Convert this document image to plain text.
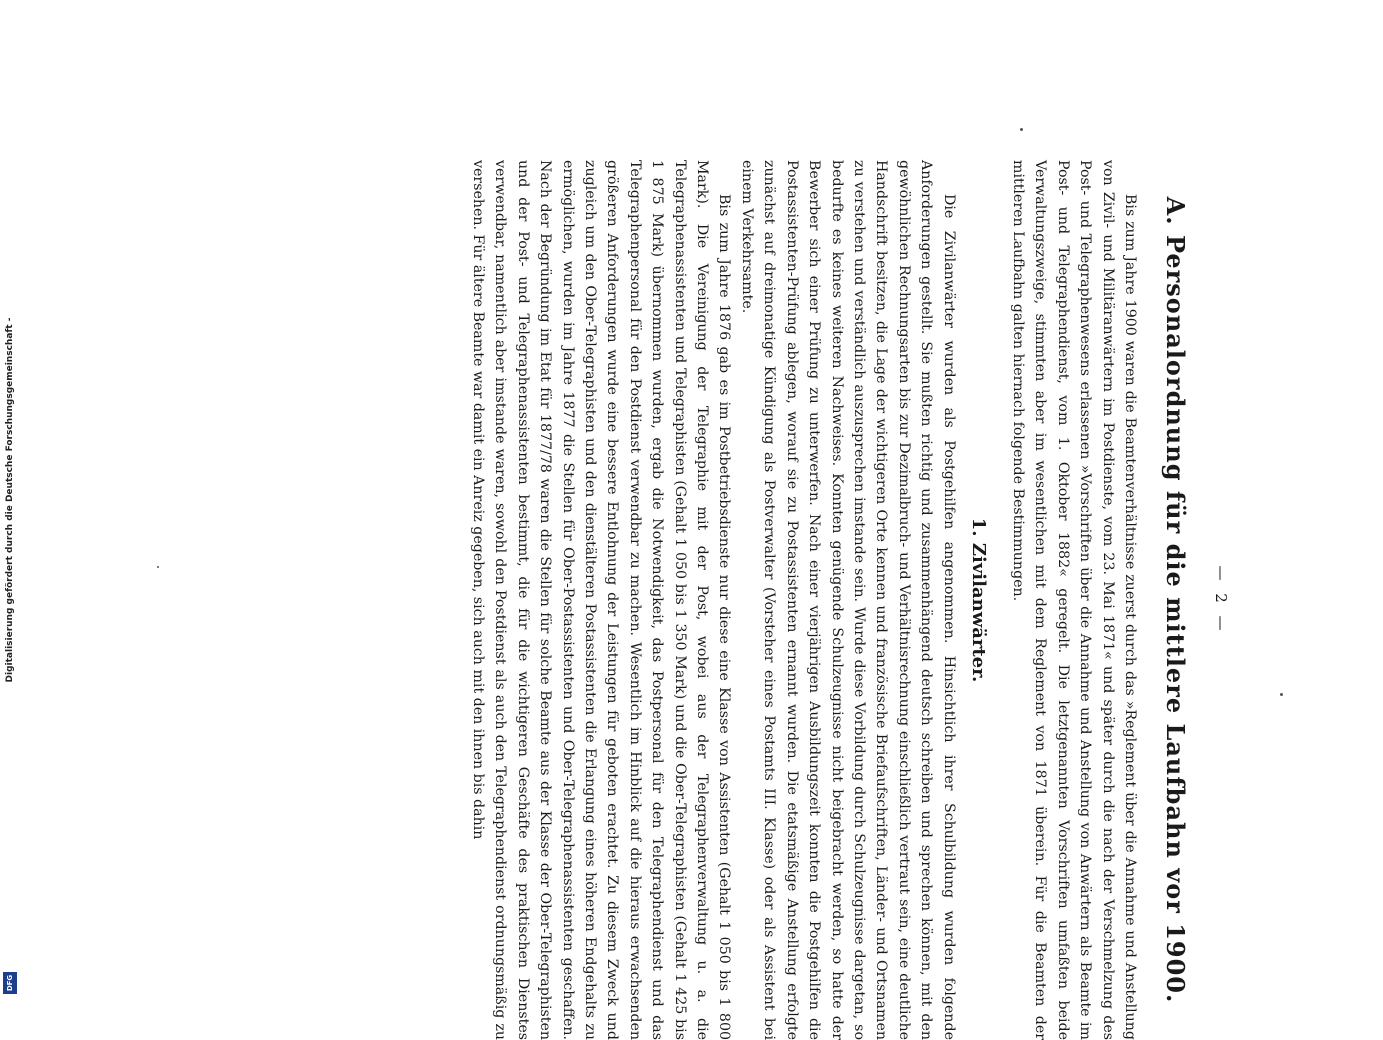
Digitalisierung gefördert durch die Deutsche Forschungsgemeinschaft -
DFG

— 2 —

A. Personalordnung für die mittlere Laufbahn vor 1900.

Bis zum Jahre 1900 waren die Beamtenverhältnisse zuerst durch das »Reglement über die Annahme und Anstellung von Zivil- und Militäranwärtern im Postdienste, vom 23. Mai 1871« und später durch die nach der Verschmelzung des Post- und Telegraphenwesens erlassenen »Vorschriften über die Annahme und Anstellung von Anwärtern als Beamte im Post- und Telegraphendienst, vom 1. Oktober 1882« geregelt. Die letztgenannten Vorschriften umfaßten beide Verwaltungszweige, stimmten aber im wesentlichen mit dem Reglement von 1871 überein. Für die Beamten der mittleren Laufbahn galten hiernach folgende Bestimmungen.

1. Zivilanwärter.

Die Zivilanwärter wurden als Postgehilfen angenommen. Hinsichtlich ihrer Schulbildung wurden folgende Anforderungen gestellt. Sie mußten richtig und zusammenhängend deutsch schreiben und sprechen können, mit den gewöhnlichen Rechnungsarten bis zur Dezimalbruch- und Verhältnisrechnung einschließlich vertraut sein, eine deutliche Handschrift besitzen, die Lage der wichtigeren Orte kennen und französische Briefaufschriften, Länder- und Ortsnamen zu verstehen und verständlich auszusprechen imstande sein. Wurde diese Vorbildung durch Schulzeugnisse dargetan, so bedurfte es keines weiteren Nachweises. Konnten genügende Schulzeugnisse nicht beigebracht werden, so hatte der Bewerber sich einer Prüfung zu unterwerfen. Nach einer vierjährigen Ausbildungszeit konnten die Postgehilfen die Postassistenten-Prüfung ablegen, worauf sie zu Postassistenten ernannt wurden. Die etatsmäßige Anstellung erfolgte zunächst auf dreimonatige Kündigung als Postverwalter (Vorsteher eines Postamts III. Klasse) oder als Assistent bei einem Verkehrsamte.

Bis zum Jahre 1876 gab es im Postbetriebsdienste nur diese eine Klasse von Assistenten (Gehalt 1 050 bis 1 800 Mark). Die Vereinigung der Telegraphie mit der Post, wobei aus der Telegraphenverwaltung u. a. die Telegraphenassistenten und Telegraphisten (Gehalt 1 050 bis 1 350 Mark) und die Ober-Telegraphisten (Gehalt 1 425 bis 1 875 Mark) übernommen wurden, ergab die Notwendigkeit, das Postpersonal für den Telegraphendienst und das Telegraphenpersonal für den Postdienst verwendbar zu machen. Wesentlich im Hinblick auf die hieraus erwachsenden größeren Anforderungen wurde eine bessere Entlohnung der Leistungen für geboten erachtet. Zu diesem Zweck und zugleich um den Ober-Telegraphisten und den dienstälteren Postassistenten die Erlangung eines höheren Endgehalts zu ermöglichen, wurden im Jahre 1877 die Stellen für Ober-Postassistenten und Ober-Telegraphenassistenten geschaffen. Nach der Begründung im Etat für 1877/78 waren die Stellen für solche Beamte aus der Klasse der Ober-Telegraphisten und der Post- und Telegraphenassistenten bestimmt, die für die wichtigeren Geschäfte des praktischen Dienstes verwendbar, namentlich aber imstande waren, sowohl den Postdienst als auch den Telegraphendienst ordnungsmäßig zu versehen. Für ältere Beamte war damit ein Anreiz gegeben, sich auch mit den ihnen bis dahin
